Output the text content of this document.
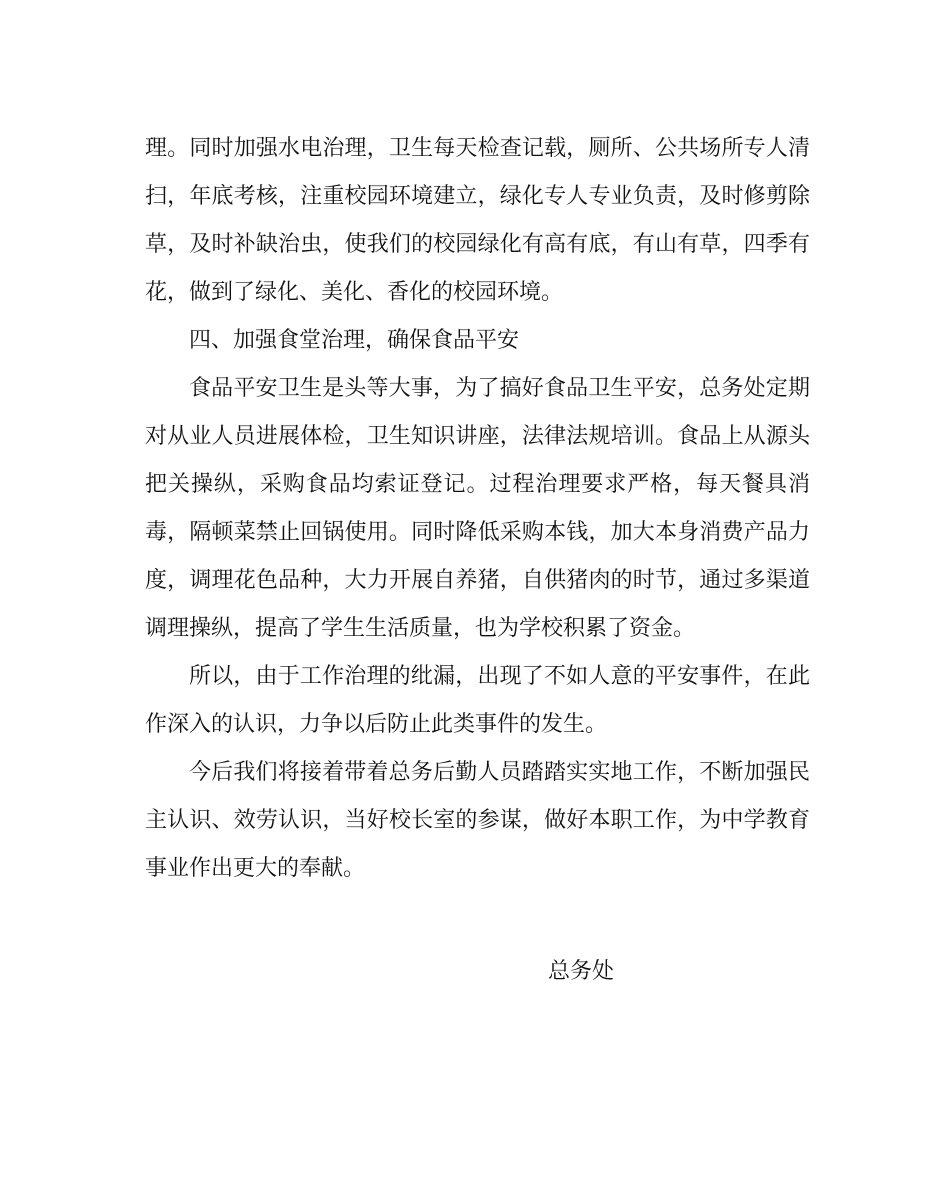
理。同时加强水电治理，卫生每天检查记载，厕所、公共场所专人清扫，年底考核，注重校园环境建立，绿化专人专业负责，及时修剪除草，及时补缺治虫，使我们的校园绿化有高有底，有山有草，四季有花，做到了绿化、美化、香化的校园环境。

四、加强食堂治理，确保食品平安

食品平安卫生是头等大事，为了搞好食品卫生平安，总务处定期对从业人员进展体检，卫生知识讲座，法律法规培训。食品上从源头把关操纵，采购食品均索证登记。过程治理要求严格，每天餐具消毒，隔顿菜禁止回锅使用。同时降低采购本钱，加大本身消费产品力度，调理花色品种，大力开展自养猪，自供猪肉的时节，通过多渠道调理操纵，提高了学生生活质量，也为学校积累了资金。

所以，由于工作治理的纰漏，出现了不如人意的平安事件，在此作深入的认识，力争以后防止此类事件的发生。

今后我们将接着带着总务后勤人员踏踏实实地工作，不断加强民主认识、效劳认识，当好校长室的参谋，做好本职工作，为中学教育事业作出更大的奉献。

总务处
